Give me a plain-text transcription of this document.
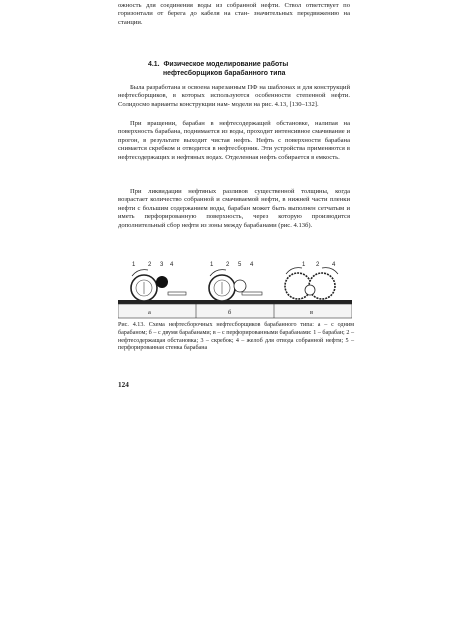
ожность для соединения воды из собранной нефти. Ствол ответствует по горизонтали от берега до кабеля на стан- значительных передвижению на станции.
4.1. Физическое моделирование работы
нефтесборщиков барабанного типа
Была разработана и освоена нарезанным ПФ на шаблонах и для конструкций нефтесборщиков, в которых используются особенности степенной нефти. Солидосмо варианты конструкции нам- модели на рис. 4.13, [130–132].
При вращении, барабан в нефтесодержащей обстановке, налипая на поверхность барабана, поднимается из воды, проходит интенсивное смачивание и прогон, в результате выходит чистая нефть. Нефть с поверхности барабана снимается скребком и отводится в нефтесборник. Эти устройства применяются в нефтесодержащих и нефтяных водах. Отделенная нефть собирается в емкость.
При ликвидации нефтяных разливов существенной толщины, когда возрастает количество собранной и смачиваемой нефти, в нижней части пленки нефти с большим содержанием воды, барабан может быть выполнен сетчатым и иметь перфорированную поверхность, через которую производится дополнительный сбор нефти из зоны между барабанами (рис. 4.13б).
1 2 3 4
а
1 2 5 4
б
1 2 4
в
Рис. 4.13. Схема нефтесборочных нефтесборщиков барабанного типа: а – с одним барабаном; б – с двумя барабанами; в – с перфорированными барабанами: 1 – барабан; 2 – нефтесодержащая обстановка; 3 – скребок; 4 – желоб для отвода собранной нефти; 5 – перфорированная стенка барабана
124
